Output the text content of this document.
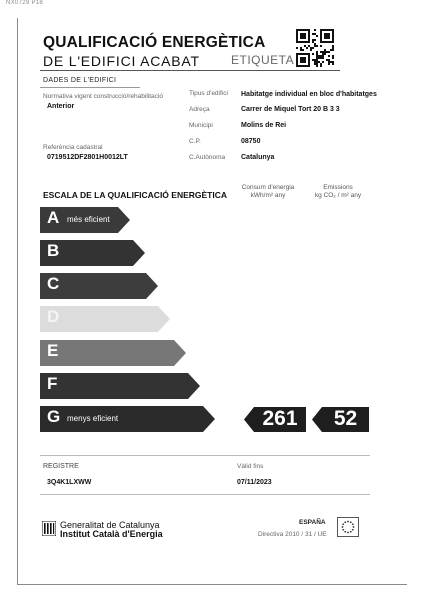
NX0729 P18
QUALIFICACIÓ ENERGÈTICA
DE L'EDIFICI ACABAT	ETIQUETA
DADES DE L'EDIFICI
Normativa vigent construcció/rehabilitació
Anterior
Referència cadastral
0719512DF2801H0012LT
Tipus d'edifici Habitatge individual en bloc d'habitatges
Adreça	Carrer de Miquel Tort 20 B 3 3
Municipi	Molins de Rei
C.P.	08750
C.Autònoma Catalunya
ESCALA DE LA QUALIFICACIÓ ENERGÈTICA
Consum d'energia
kWh/m² any
Emissions
kg CO₂ / m² any
A més eficient
B
C
D
E
F
G menys eficient	261	52
REGISTRE
3Q4K1LXWW
Vàlid fins
07/11/2023
Generalitat de Catalunya
Institut Català d'Energia
ESPAÑA
Directiva 2010 / 31 / UE
